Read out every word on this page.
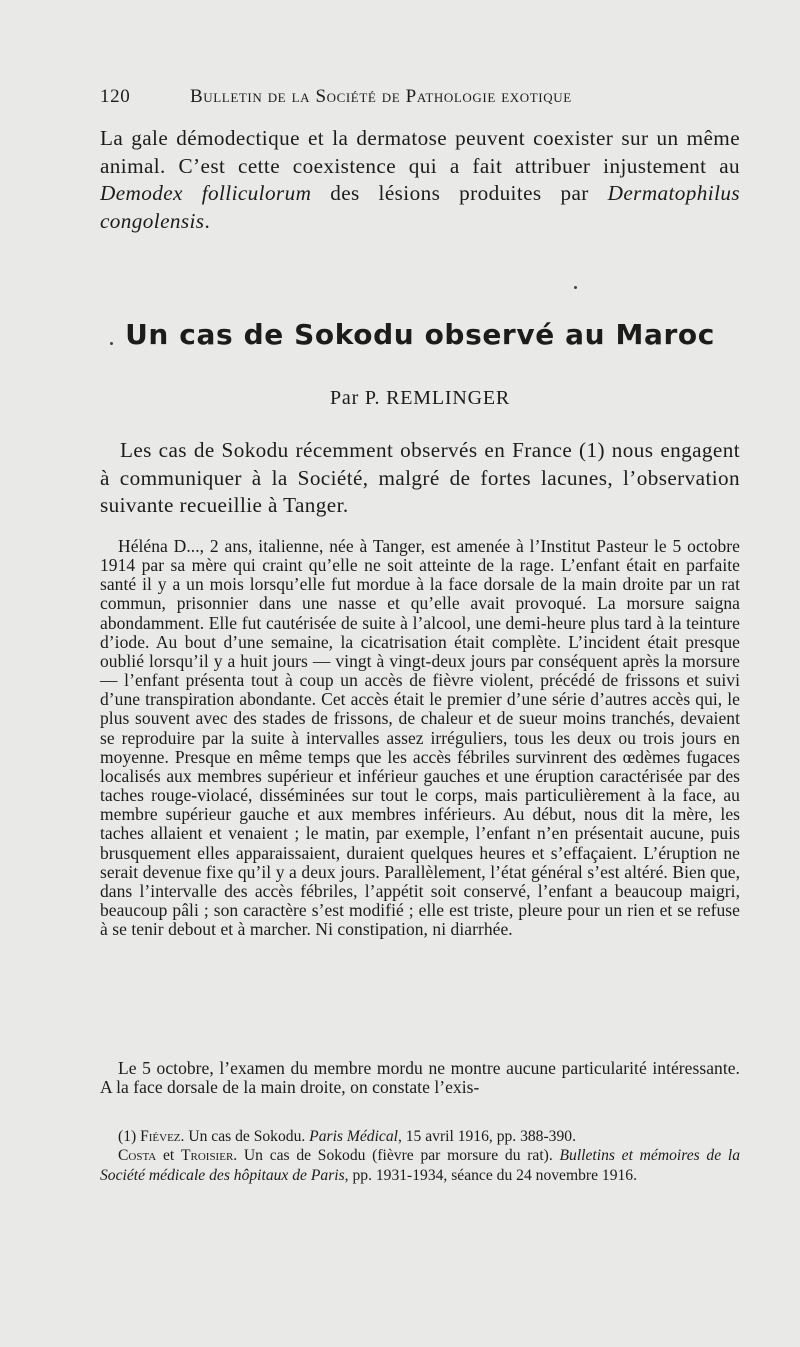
120	Bulletin de la Société de Pathologie exotique

La gale démodectique et la dermatose peuvent coexister sur un même animal. C’est cette coexistence qui a fait attribuer injustement au Demodex folliculorum des lésions produites par Dermatophilus congolensis.

Un cas de Sokodu observé au Maroc

Par P. REMLINGER

Les cas de Sokodu récemment observés en France (1) nous engagent à communiquer à la Société, malgré de fortes lacunes, l’observation suivante recueillie à Tanger.

Héléna D..., 2 ans, italienne, née à Tanger, est amenée à l’Institut Pasteur le 5 octobre 1914 par sa mère qui craint qu’elle ne soit atteinte de la rage. L’enfant était en parfaite santé il y a un mois lorsqu’elle fut mordue à la face dorsale de la main droite par un rat commun, prisonnier dans une nasse et qu’elle avait provoqué. La morsure saigna abondamment. Elle fut cautérisée de suite à l’alcool, une demi-heure plus tard à la teinture d’iode. Au bout d’une semaine, la cicatrisation était complète. L’incident était presque oublié lorsqu’il y a huit jours — vingt à vingt-deux jours par conséquent après la morsure — l’enfant présenta tout à coup un accès de fièvre violent, précédé de frissons et suivi d’une transpiration abondante. Cet accès était le premier d’une série d’autres accès qui, le plus souvent avec des stades de frissons, de chaleur et de sueur moins tranchés, devaient se reproduire par la suite à intervalles assez irréguliers, tous les deux ou trois jours en moyenne. Presque en même temps que les accès fébriles survinrent des œdèmes fugaces localisés aux membres supérieur et inférieur gauches et une éruption caractérisée par des taches rouge-violacé, disséminées sur tout le corps, mais particulièrement à la face, au membre supérieur gauche et aux membres inférieurs. Au début, nous dit la mère, les taches allaient et venaient ; le matin, par exemple, l’enfant n’en présentait aucune, puis brusquement elles apparaissaient, duraient quelques heures et s’effaçaient. L’éruption ne serait devenue fixe qu’il y a deux jours. Parallèlement, l’état général s’est altéré. Bien que, dans l’intervalle des accès fébriles, l’appétit soit conservé, l’enfant a beaucoup maigri, beaucoup pâli ; son caractère s’est modifié ; elle est triste, pleure pour un rien et se refuse à se tenir debout et à marcher. Ni constipation, ni diarrhée.

Le 5 octobre, l’examen du membre mordu ne montre aucune particularité intéressante. A la face dorsale de la main droite, on constate l’exis-

(1) Fiévez. Un cas de Sokodu. Paris Médical, 15 avril 1916, pp. 388-390.

Costa et Troisier. Un cas de Sokodu (fièvre par morsure du rat). Bulletins et mémoires de la Société médicale des hôpitaux de Paris, pp. 1931-1934, séance du 24 novembre 1916.
